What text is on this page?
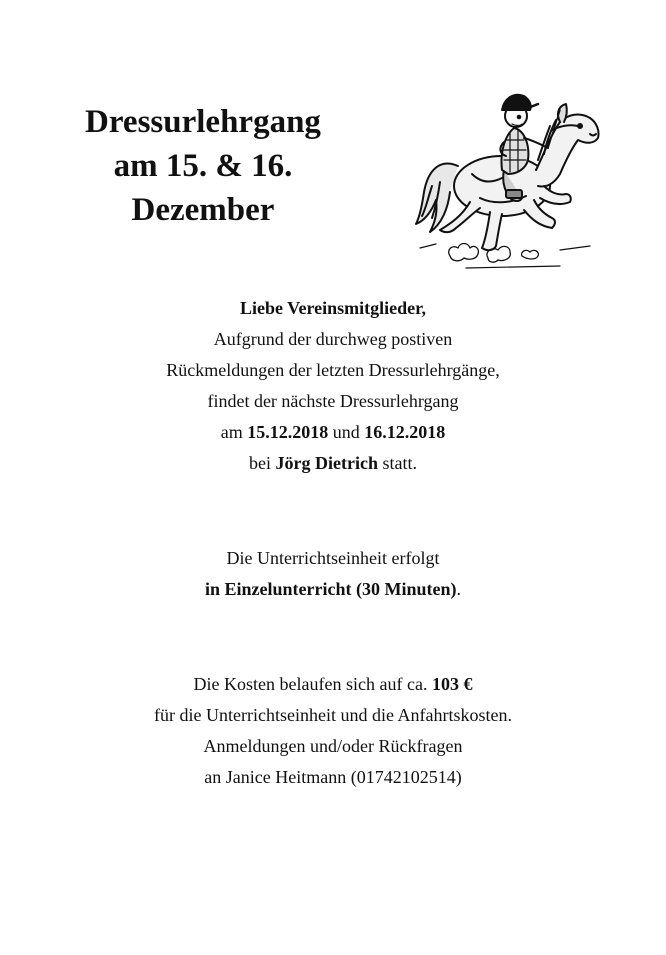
Dressurlehrgang
am 15. & 16.
Dezember

Liebe Vereinsmitglieder,

Aufgrund der durchweg postiven

Rückmeldungen der letzten Dressurlehrgänge,

findet der nächste Dressurlehrgang

am 15.12.2018 und 16.12.2018

bei Jörg Dietrich statt.

Die Unterrichtseinheit erfolgt

in Einzelunterricht (30 Minuten).

Die Kosten belaufen sich auf ca. 103 €

für die Unterrichtseinheit und die Anfahrtskosten.

Anmeldungen und/oder Rückfragen

an Janice Heitmann (01742102514)
